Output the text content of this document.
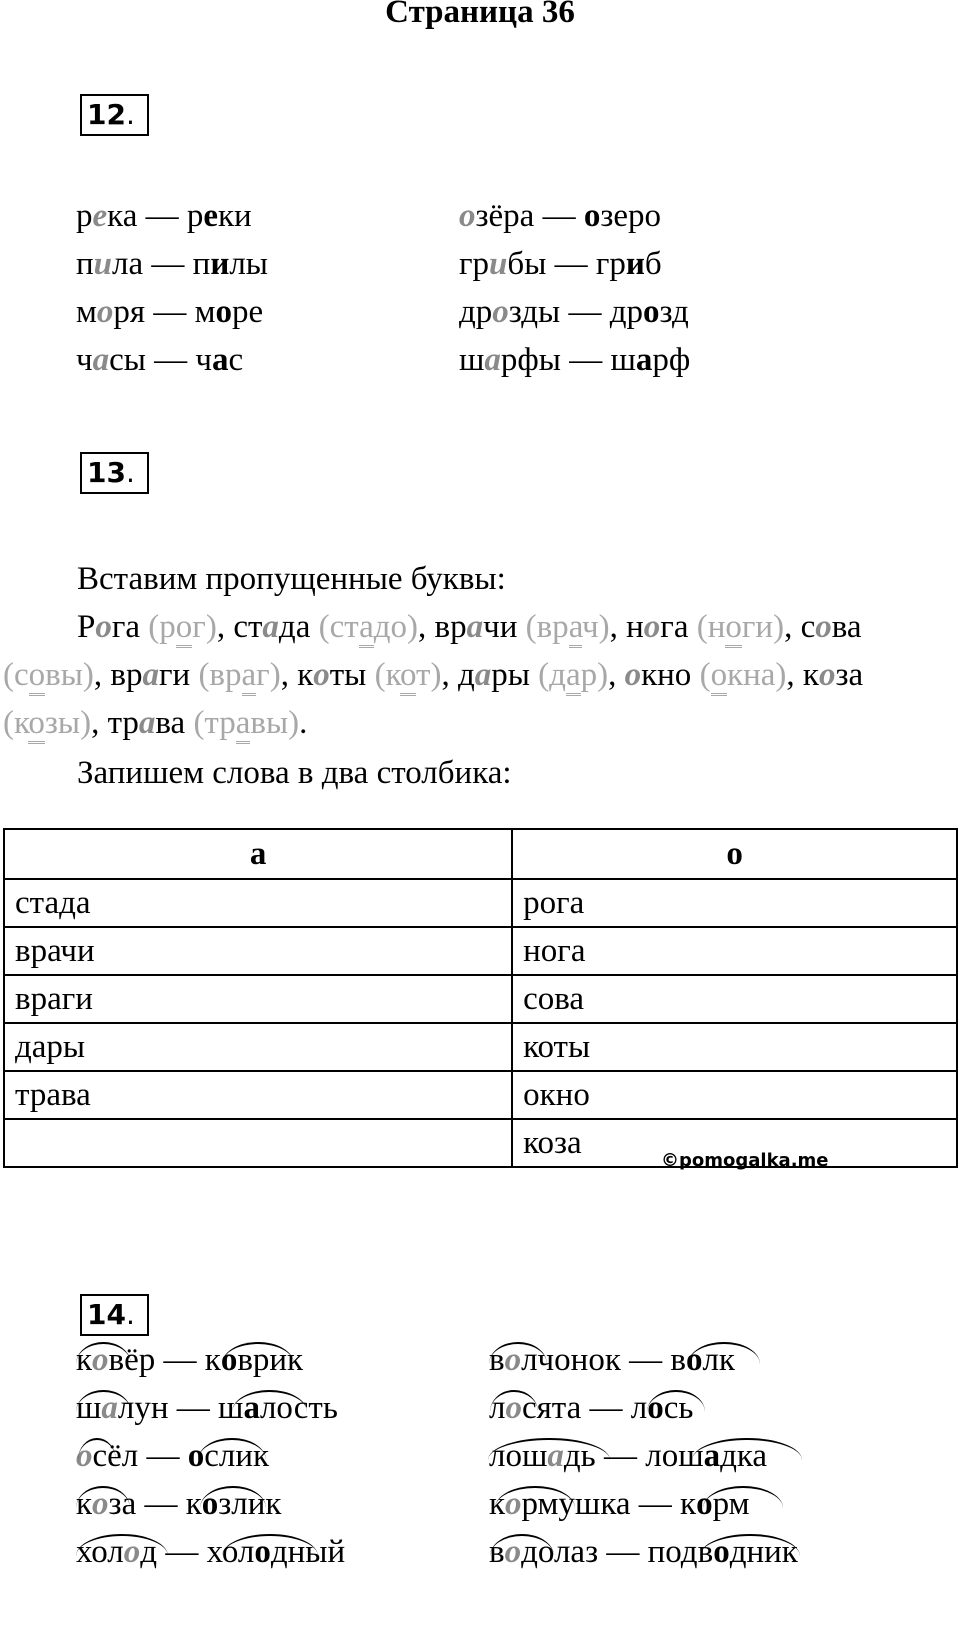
Страница 36
12.
река — реки
пила — пилы
моря — море
часы — час
озёра — озеро
грибы — гриб
дрозды — дрозд
шарфы — шарф
13.
Вставим пропущенные буквы:
Рога (рог), стада (стадо), врачи (врач), нога (ноги), сова
(совы), враги (враг), коты (кот), дары (дар), окно (окна), коза
(козы), трава (травы).
Запишем слова в два столбика:
а	о
стада	рога
врачи	нога
враги	сова
дары	коты
трава	окно
	коза	©pomogalka.me
14.
ковёр — коврик
шалун — шалость
осёл — ослик
коза — козлик
холод — холодный
волчонок — волк
лосята — лось
лошадь — лошадка
кормушка — корм
водолаз — подводник
